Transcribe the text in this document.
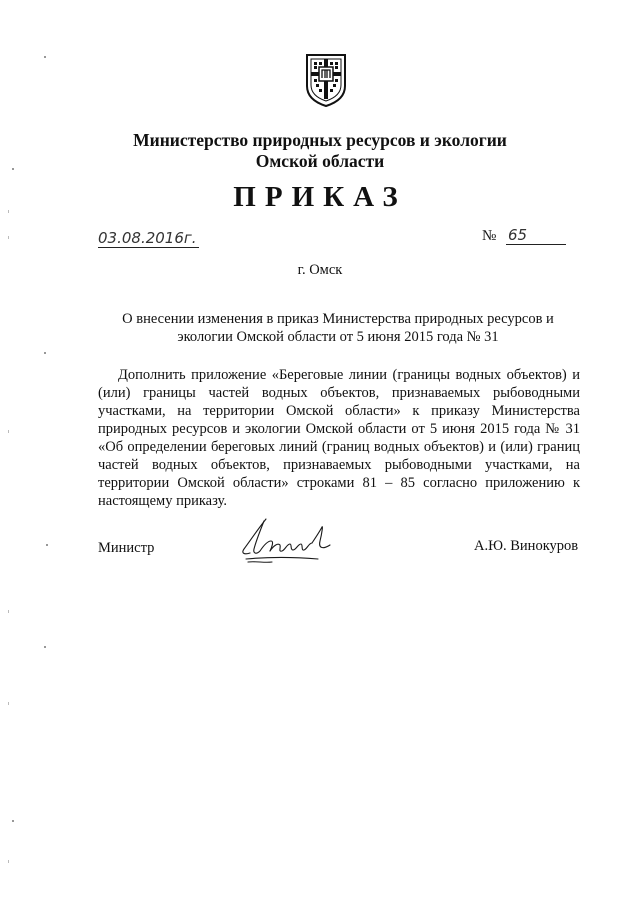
Министерство природных ресурсов и экологии
Омской области
ПРИКАЗ
03.08.2016г.	№ 65
г. Омск
О внесении изменения в приказ Министерства природных ресурсов и экологии Омской области от 5 июня 2015 года № 31
Дополнить приложение «Береговые линии (границы водных объектов) и (или) границы частей водных объектов, признаваемых рыбоводными участками, на территории Омской области» к приказу Министерства природных ресурсов и экологии Омской области от 5 июня 2015 года № 31 «Об определении береговых линий (границ водных объектов) и (или) границ частей водных объектов, признаваемых рыбоводными участками, на территории Омской области» строками 81 – 85 согласно приложению к настоящему приказу.
Министр	А.Ю. Винокуров
